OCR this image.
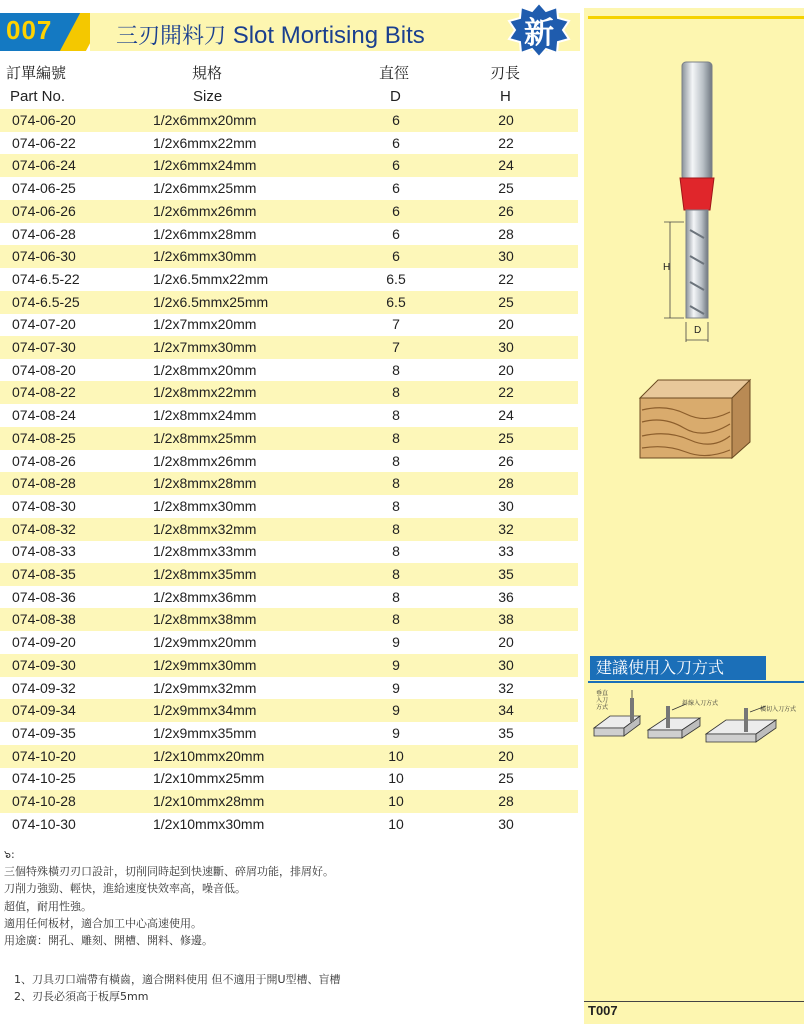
007	三刃開料刀 Slot Mortising Bits	新
訂單編號	規格	直徑	刃長
Part No.	Size	D	H
074-06-20	1/2x6mmx20mm	6	20
074-06-22	1/2x6mmx22mm	6	22
074-06-24	1/2x6mmx24mm	6	24
074-06-25	1/2x6mmx25mm	6	25
074-06-26	1/2x6mmx26mm	6	26
074-06-28	1/2x6mmx28mm	6	28
074-06-30	1/2x6mmx30mm	6	30
074-6.5-22	1/2x6.5mmx22mm	6.5	22
074-6.5-25	1/2x6.5mmx25mm	6.5	25
074-07-20	1/2x7mmx20mm	7	20
074-07-30	1/2x7mmx30mm	7	30
074-08-20	1/2x8mmx20mm	8	20
074-08-22	1/2x8mmx22mm	8	22
074-08-24	1/2x8mmx24mm	8	24
074-08-25	1/2x8mmx25mm	8	25
074-08-26	1/2x8mmx26mm	8	26
074-08-28	1/2x8mmx28mm	8	28
074-08-30	1/2x8mmx30mm	8	30
074-08-32	1/2x8mmx32mm	8	32
074-08-33	1/2x8mmx33mm	8	33
074-08-35	1/2x8mmx35mm	8	35
074-08-36	1/2x8mmx36mm	8	36
074-08-38	1/2x8mmx38mm	8	38
074-09-20	1/2x9mmx20mm	9	20
074-09-30	1/2x9mmx30mm	9	30
074-09-32	1/2x9mmx32mm	9	32
074-09-34	1/2x9mmx34mm	9	34
074-09-35	1/2x9mmx35mm	9	35
074-10-20	1/2x10mmx20mm	10	20
074-10-25	1/2x10mmx25mm	10	25
074-10-28	1/2x10mmx28mm	10	28
074-10-30	1/2x10mmx30mm	10	30
๖:
三個特殊橫刃刃口設計，切削同時起到快速斷、碎屑功能，排屑好。
刀削力強勁、輕快，進給速度快效率高，噪音低。
超值，耐用性強。
適用任何板材，適合加工中心高速使用。
用途廣：開孔、雕刻、開槽、開料、修邊。
1、刀具刃口端帶有橫齒，適合開料使用 但不適用于開U型槽、盲槽
2、刃長必須高于板厚5mm
H
D
建議使用入刀方式
垂直入刀方式
斜線入刀方式
橫切入刀方式
T007
